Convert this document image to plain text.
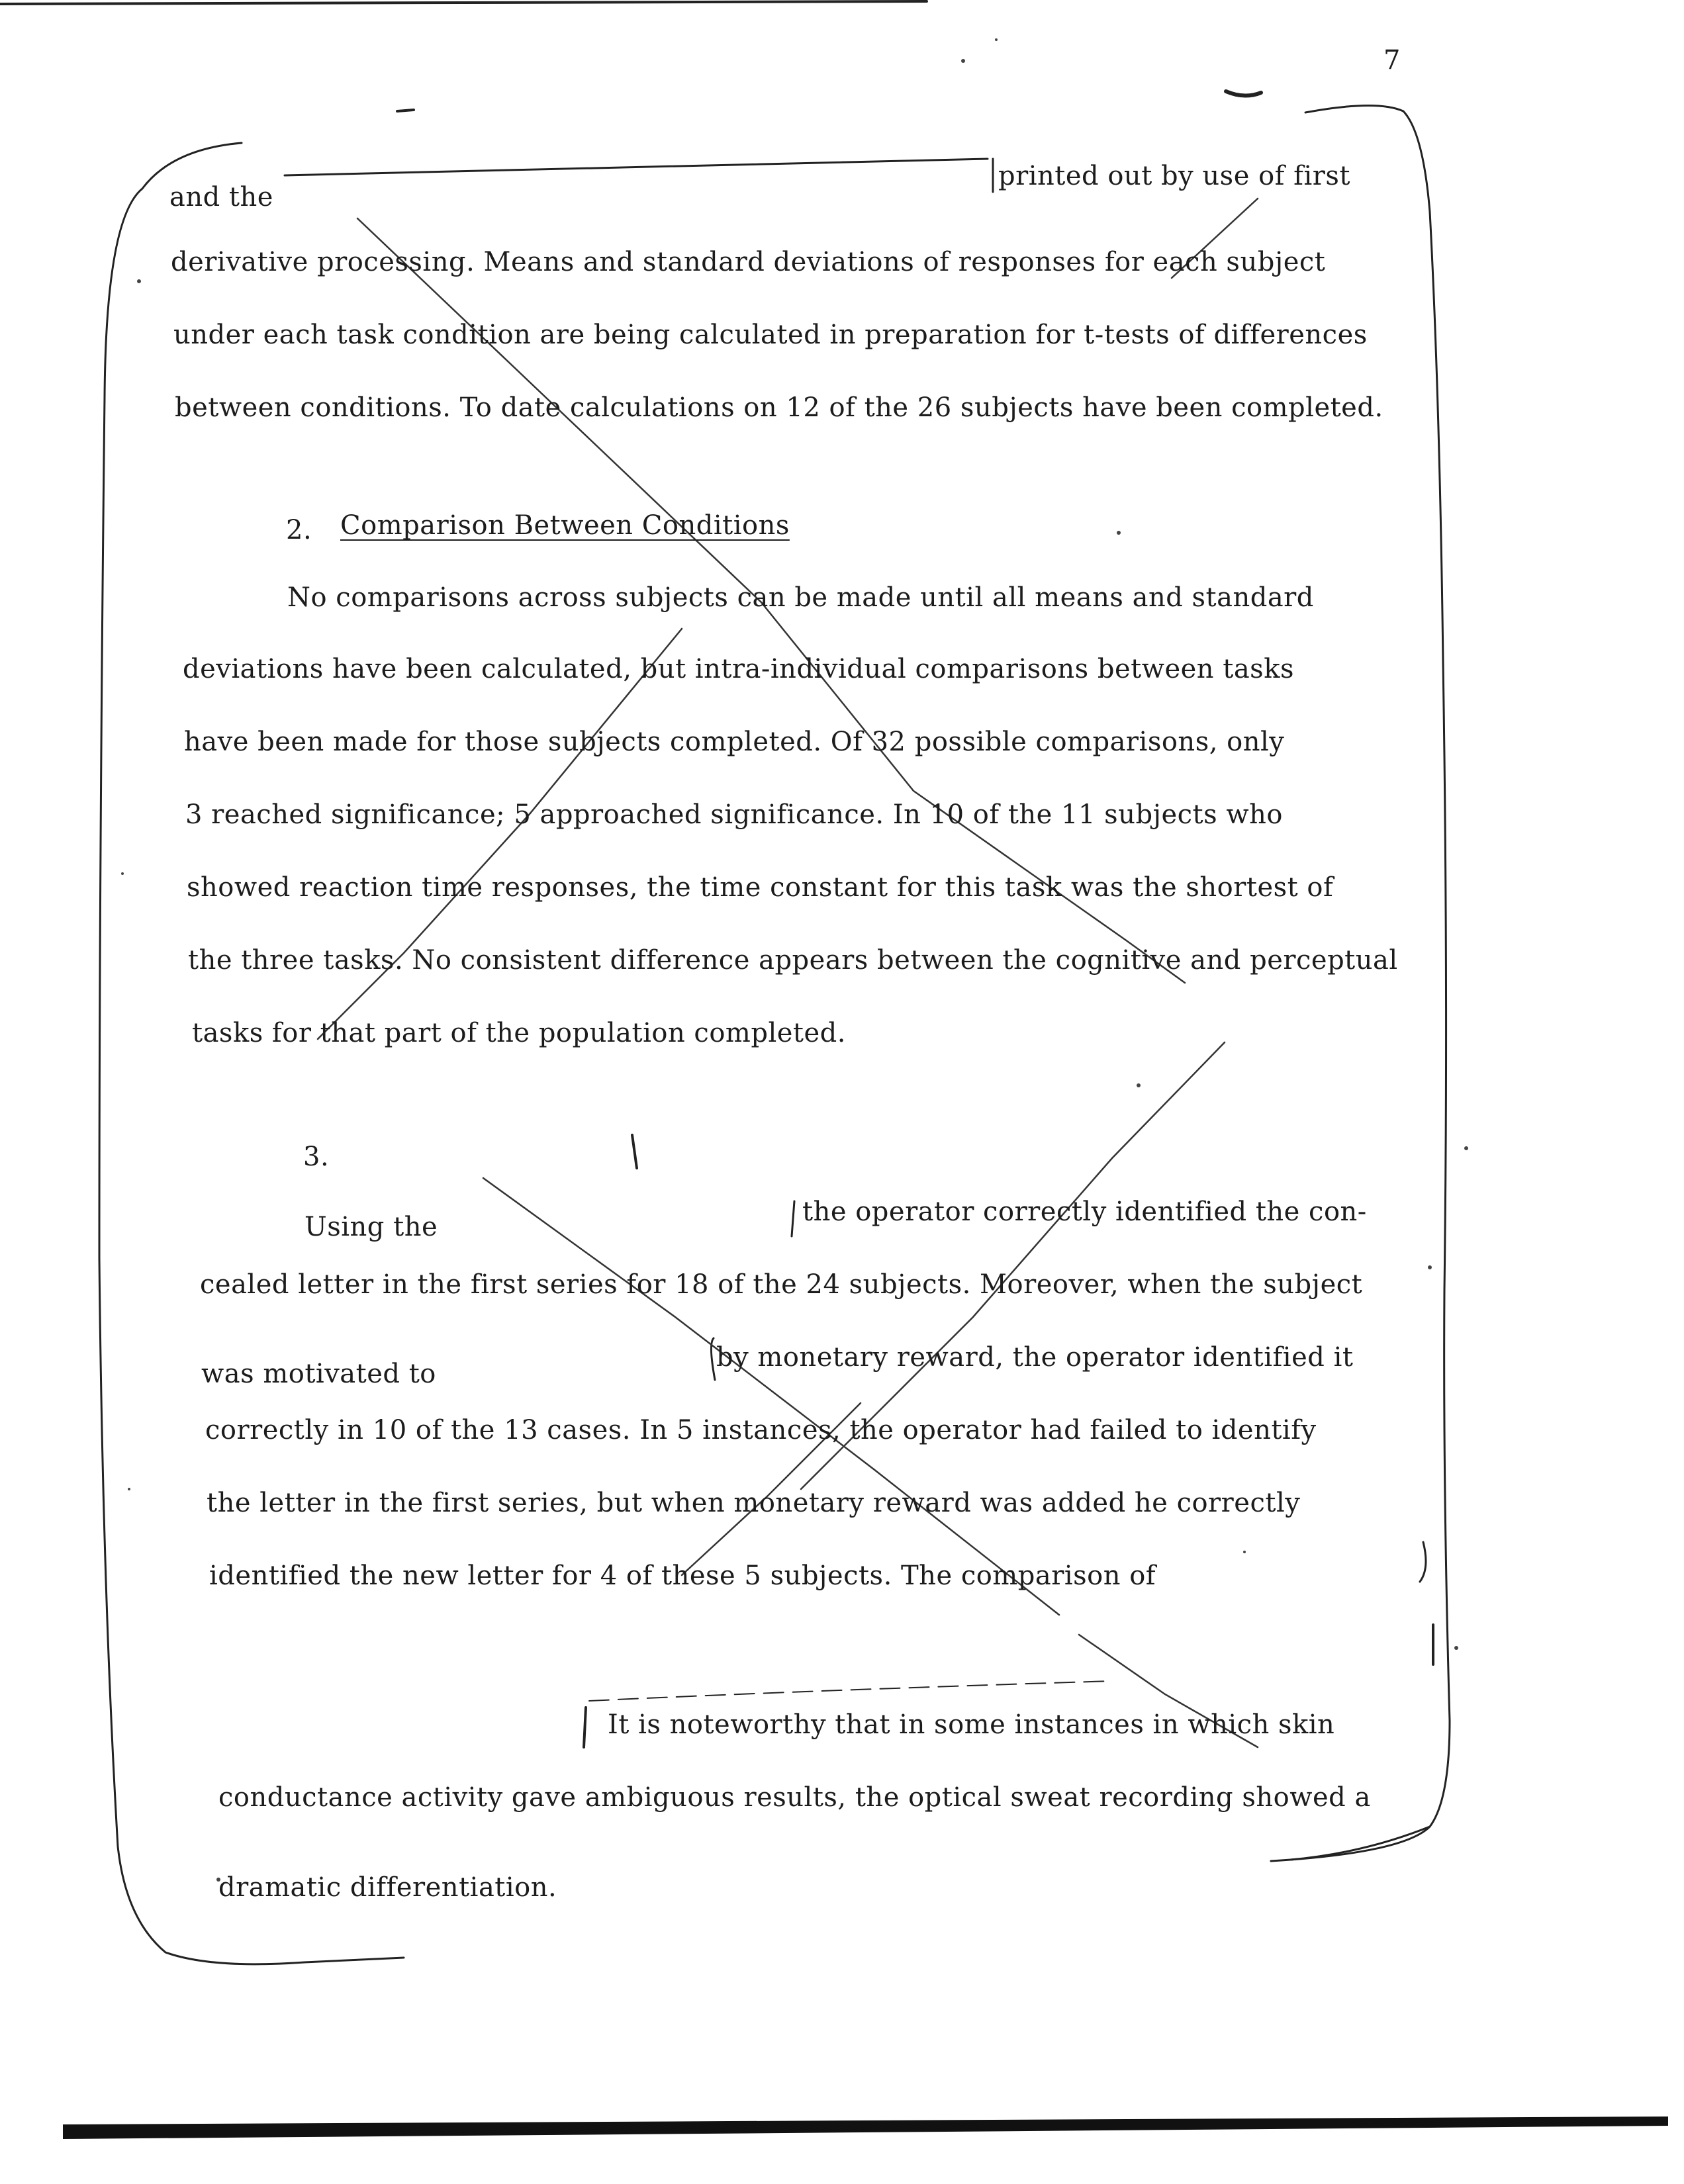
7
and the
printed out by use of first
derivative processing. Means and standard deviations of responses for each subject
under each task condition are being calculated in preparation for t-tests of differences
between conditions. To date calculations on 12 of the 26 subjects have been completed.
2. Comparison Between Conditions
No comparisons across subjects can be made until all means and standard
deviations have been calculated, but intra-individual comparisons between tasks
have been made for those subjects completed. Of 32 possible comparisons, only
3 reached significance; 5 approached significance. In 10 of the 11 subjects who
showed reaction time responses, the time constant for this task was the shortest of
the three tasks. No consistent difference appears between the cognitive and perceptual
tasks for that part of the population completed.
3.
Using the	the operator correctly identified the con-
cealed letter in the first series for 18 of the 24 subjects. Moreover, when the subject
was motivated to
by monetary reward, the operator identified it
correctly in 10 of the 13 cases. In 5 instances, the operator had failed to identify
the letter in the first series, but when monetary reward was added he correctly
identified the new letter for 4 of these 5 subjects. The comparison of
It is noteworthy that in some instances in which skin
conductance activity gave ambiguous results, the optical sweat recording showed a
dramatic differentiation.
